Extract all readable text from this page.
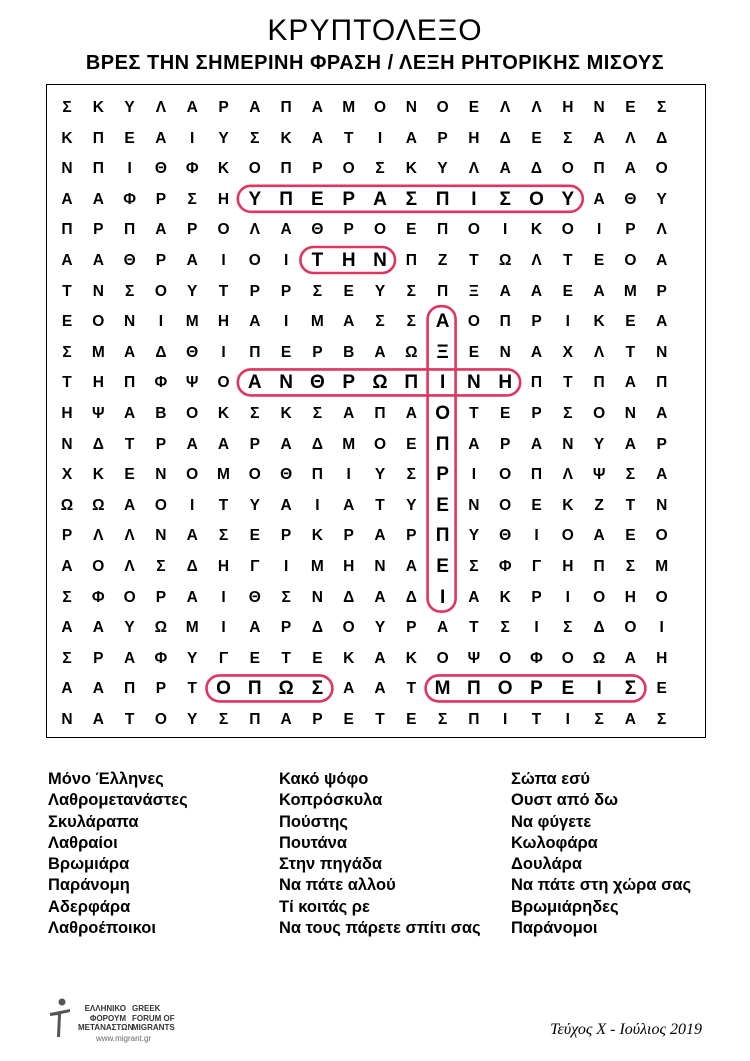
ΚΡΥΠΤΟΛΕΞΟ
ΒΡΕΣ ΤΗΝ ΣΗΜΕΡΙΝΗ ΦΡΑΣΗ / ΛΕΞΗ ΡΗΤΟΡΙΚΗΣ ΜΙΣΟΥΣ
Σ	Κ	Υ	Λ	Α	Ρ	Α	Π	Α	Μ	Ο	Ν	Ο	Ε	Λ	Λ	Η	Ν	Ε	Σ
Κ	Π	Ε	Α	Ι	Υ	Σ	Κ	Α	Τ	Ι	Α	Ρ	Η	Δ	Ε	Σ	Α	Λ	Δ
Ν	Π	Ι	Θ	Φ	Κ	Ο	Π	Ρ	Ο	Σ	Κ	Υ	Λ	Α	Δ	Ο	Π	Α	Ο
Α	Α	Φ	Ρ	Σ	Η	Υ Π Ε Ρ Α Σ Π	Ι	Σ Ο Υ	Α	Θ	Υ
Π	Ρ	Π	Α	Ρ	Ο	Λ	Α	Θ	Ρ	Ο	Ε	Π	Ο	Ι	Κ	Ο	Ι	Ρ	Λ
Α	Α	Θ	Ρ	Α	Ι	Ο	Ι	Τ Η Ν	Π	Ζ	Τ	Ω	Λ	Τ	Ε	Ο	Α
Τ	Ν	Σ	Ο	Υ	Τ	Ρ	Ρ	Σ	Ε	Υ	Σ	Π	Ξ	Α	Α	Ε	Α	Μ	Ρ
Ε	Ο	Ν	Ι	Μ	Η	Α	Ι	Μ	Α	Σ	Σ	Α	Ο	Π	Ρ	Ι	Κ	Ε	Α
Σ	Μ	Α	Δ	Θ	Ι	Π	Ε	Ρ	Β	Α	Ω Ξ	Ε	Ν	Α	Χ	Λ	Τ	Ν
Τ	Η	Π	Φ	Ψ	Ο Α Ν Θ Ρ Ω Π	Ι	Ν Η	Π	Τ	Π	Α	Π
Η	Ψ	Α	Β	Ο	Κ	Σ	Κ	Σ	Α	Π	Α Ο	Τ	Ε	Ρ	Σ	Ο	Ν	Α
Ν	Δ	Τ	Ρ	Α	Α	Ρ	Α	Δ	Μ	Ο	Ε	Π	Α	Ρ	Α	Ν	Υ	Α	Ρ
Χ	Κ	Ε	Ν	Ο	Μ	Ο	Θ	Π	Ι	Υ	Σ	Ρ	Ι	Ο	Π	Λ	Ψ	Σ	Α
Ω	Ω	Α	Ο	Ι	Τ	Υ	Α	Ι	Α	Τ	Υ	Ε	Ν	Ο	Ε	Κ	Ζ	Τ	Ν
Ρ	Λ	Λ	Ν	Α	Σ	Ε	Ρ	Κ	Ρ	Α	Ρ	Π	Υ	Θ	Ι	Ο	Α	Ε	Ο
Α	Ο	Λ	Σ	Δ	Η	Γ	Ι	Μ	Η	Ν	Α	Ε	Σ	Φ	Γ	Η	Π	Σ	Μ
Σ	Φ	Ο	Ρ	Α	Ι	Θ	Σ	Ν	Δ	Α	Δ	Ι	Α	Κ	Ρ	Ι	Ο	Η	Ο
Α	Α	Υ	Ω	Μ	Ι	Α	Ρ	Δ	Ο	Υ	Ρ	Α	Τ	Σ	Ι	Σ	Δ	Ο	Ι
Σ	Ρ	Α	Φ	Υ	Γ	Ε	Τ	Ε	Κ	Α	Κ	Ο	Ψ	Ο	Φ	Ο	Ω	Α	Η
Α	Α	Π	Ρ	Τ	Ο Π Ω Σ	Α	Α	Τ Μ Π Ο Ρ Ε	Ι	Σ	Ε
Ν	Α	Τ	Ο	Υ	Σ	Π	Α	Ρ	Ε	Τ	Ε	Σ	Π	Ι	Τ	Ι	Σ	Α	Σ
Μόνο Έλληνες
Λαθρομετανάστες
Σκυλάραπα
Λαθραίοι
Βρωμιάρα
Παράνομη
Αδερφάρα
Λαθροέποικοι
Κακό ψόφο
Κοπρόσκυλα
Πούστης
Πουτάνα
Στην πηγάδα
Να πάτε αλλού
Τί κοιτάς ρε
Να τους πάρετε σπίτι σας
Σώπα εσύ
Ουστ από δω
Να φύγετε
Κωλοφάρα
Δουλάρα
Να πάτε στη χώρα σας
Βρωμιάρηδες
Παράνομοι
ΕΛΛΗΝΙΚΟ
ΦΟΡΟΥΜ
ΜΕΤΑΝΑΣΤΩΝ
GREEK
FORUM OF
MIGRANTS
www.migrant.gr
Τεύχος Χ - Ιούλιος 2019
